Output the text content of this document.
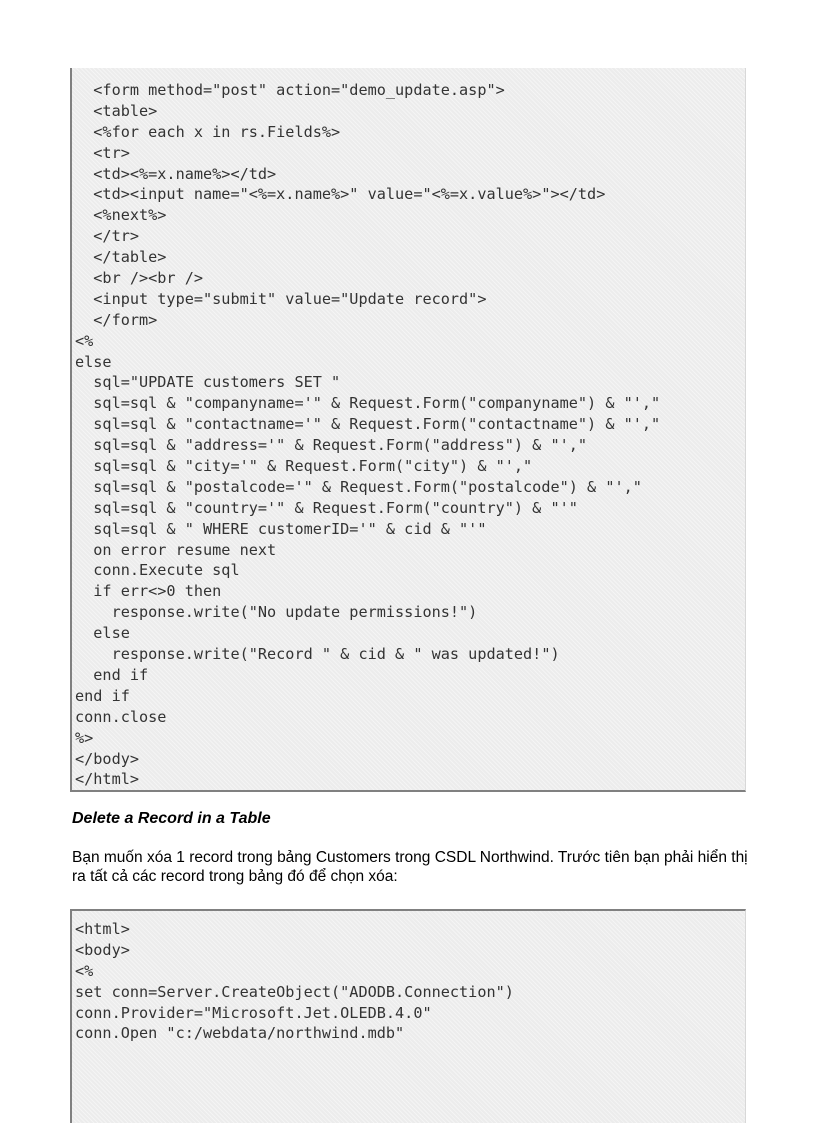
<form method="post" action="demo_update.asp">
<table>
<%for each x in rs.Fields%>
<tr>
<td><%=x.name%></td>
<td><input name="<%=x.name%>" value="<%=x.value%>"></td>
<%next%>
</tr>
</table>
<br /><br />
<input type="submit" value="Update record">
</form>
<%
else
sql="UPDATE customers SET "
sql=sql & "companyname='" & Request.Form("companyname") & "',"
sql=sql & "contactname='" & Request.Form("contactname") & "',"
sql=sql & "address='" & Request.Form("address") & "',"
sql=sql & "city='" & Request.Form("city") & "',"
sql=sql & "postalcode='" & Request.Form("postalcode") & "',"
sql=sql & "country='" & Request.Form("country") & "'"
sql=sql & " WHERE customerID='" & cid & "'"
on error resume next
conn.Execute sql
if err<>0 then
response.write("No update permissions!")
else
response.write("Record " & cid & " was updated!")
end if
end if
conn.close
%>
</body>
</html>
Delete a Record in a Table
Bạn muốn xóa 1 record trong bảng Customers trong CSDL Northwind. Trước tiên bạn phải hiển thị ra tất cả các record trong bảng đó để chọn xóa:
<html>
<body>
<%
set conn=Server.CreateObject("ADODB.Connection")
conn.Provider="Microsoft.Jet.OLEDB.4.0"
conn.Open "c:/webdata/northwind.mdb"
